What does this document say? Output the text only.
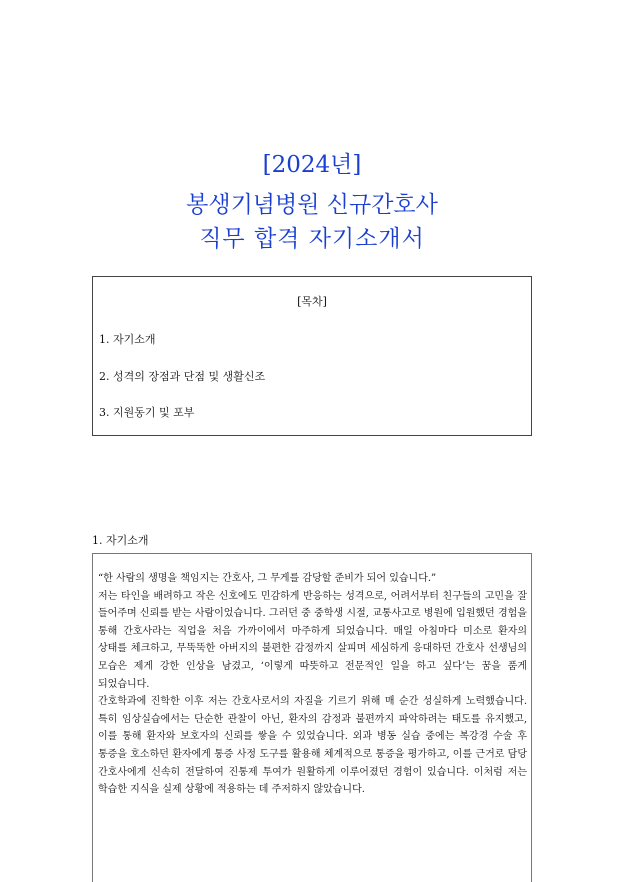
[2024년]
봉생기념병원 신규간호사
직무 합격 자기소개서
[목차]
1. 자기소개
2. 성격의 장점과 단점 및 생활신조
3. 지원동기 및 포부
1. 자기소개

“한 사람의 생명을 책임지는 간호사, 그 무게를 감당할 준비가 되어 있습니다.”

저는 타인을 배려하고 작은 신호에도 민감하게 반응하는 성격으로, 어려서부터 친구들의 고민을 잘 들어주며 신뢰를 받는 사람이었습니다. 그러던 중 중학생 시절, 교통사고로 병원에 입원했던 경험을 통해 간호사라는 직업을 처음 가까이에서 마주하게 되었습니다. 매일 아침마다 미소로 환자의 상태를 체크하고, 무뚝뚝한 아버지의 불편한 감정까지 살피며 세심하게 응대하던 간호사 선생님의 모습은 제게 강한 인상을 남겼고, ‘이렇게 따뜻하고 전문적인 일을 하고 싶다’는 꿈을 품게 되었습니다.

간호학과에 진학한 이후 저는 간호사로서의 자질을 기르기 위해 매 순간 성실하게 노력했습니다. 특히 임상실습에서는 단순한 관찰이 아닌, 환자의 감정과 불편까지 파악하려는 태도를 유지했고, 이를 통해 환자와 보호자의 신뢰를 쌓을 수 있었습니다. 외과 병동 실습 중에는 복강경 수술 후 통증을 호소하던 환자에게 통증 사정 도구를 활용해 체계적으로 통증을 평가하고, 이를 근거로 담당 간호사에게 신속히 전달하여 진통제 투여가 원활하게 이루어졌던 경험이 있습니다. 이처럼 저는 학습한 지식을 실제 상황에 적용하는 데 주저하지 않았습니다.
